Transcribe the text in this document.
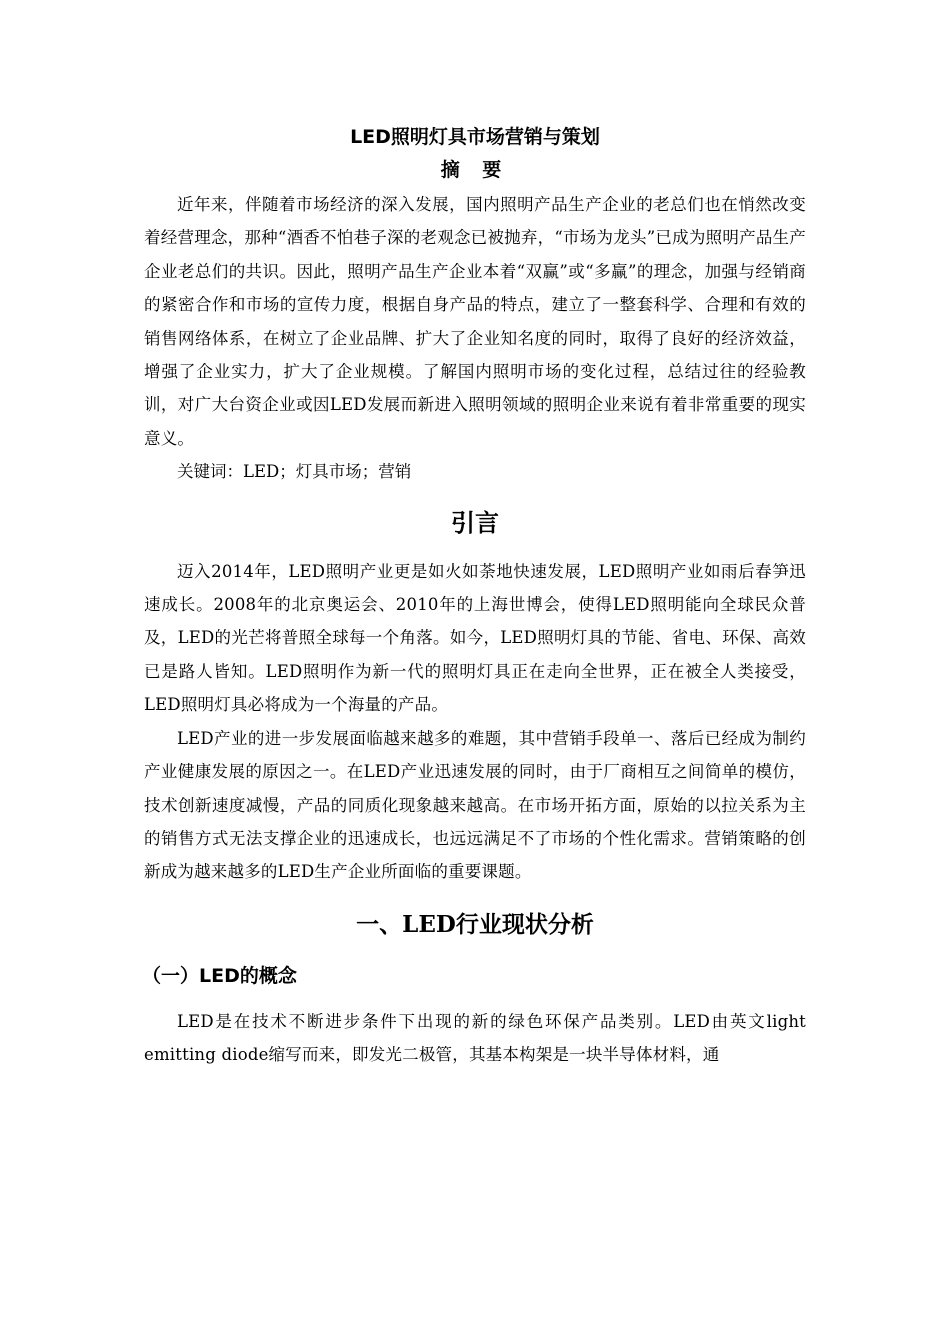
LED照明灯具市场营销与策划
摘 要

近年来，伴随着市场经济的深入发展，国内照明产品生产企业的老总们也在悄然改变着经营理念，那种“酒香不怕巷子深的老观念已被抛弃，“市场为龙头”已成为照明产品生产企业老总们的共识。因此，照明产品生产企业本着“双赢”或“多赢”的理念，加强与经销商的紧密合作和市场的宣传力度，根据自身产品的特点，建立了一整套科学、合理和有效的销售网络体系，在树立了企业品牌、扩大了企业知名度的同时，取得了良好的经济效益，增强了企业实力，扩大了企业规模。了解国内照明市场的变化过程，总结过往的经验教训，对广大台资企业或因LED发展而新进入照明领域的照明企业来说有着非常重要的现实意义。

关键词：LED；灯具市场；营销

引言

迈入2014年，LED照明产业更是如火如荼地快速发展，LED照明产业如雨后春笋迅速成长。2008年的北京奥运会、2010年的上海世博会，使得LED照明能向全球民众普及，LED的光芒将普照全球每一个角落。如今，LED照明灯具的节能、省电、环保、高效已是路人皆知。LED照明作为新一代的照明灯具正在走向全世界，正在被全人类接受，LED照明灯具必将成为一个海量的产品。

LED产业的进一步发展面临越来越多的难题，其中营销手段单一、落后已经成为制约产业健康发展的原因之一。在LED产业迅速发展的同时，由于厂商相互之间简单的模仿，技术创新速度减慢，产品的同质化现象越来越高。在市场开拓方面，原始的以拉关系为主的销售方式无法支撑企业的迅速成长，也远远满足不了市场的个性化需求。营销策略的创新成为越来越多的LED生产企业所面临的重要课题。

一、LED行业现状分析
（一）LED的概念

LED是在技术不断进步条件下出现的新的绿色环保产品类别。LED由英文light emitting diode缩写而来，即发光二极管，其基本构架是一块半导体材料，通
